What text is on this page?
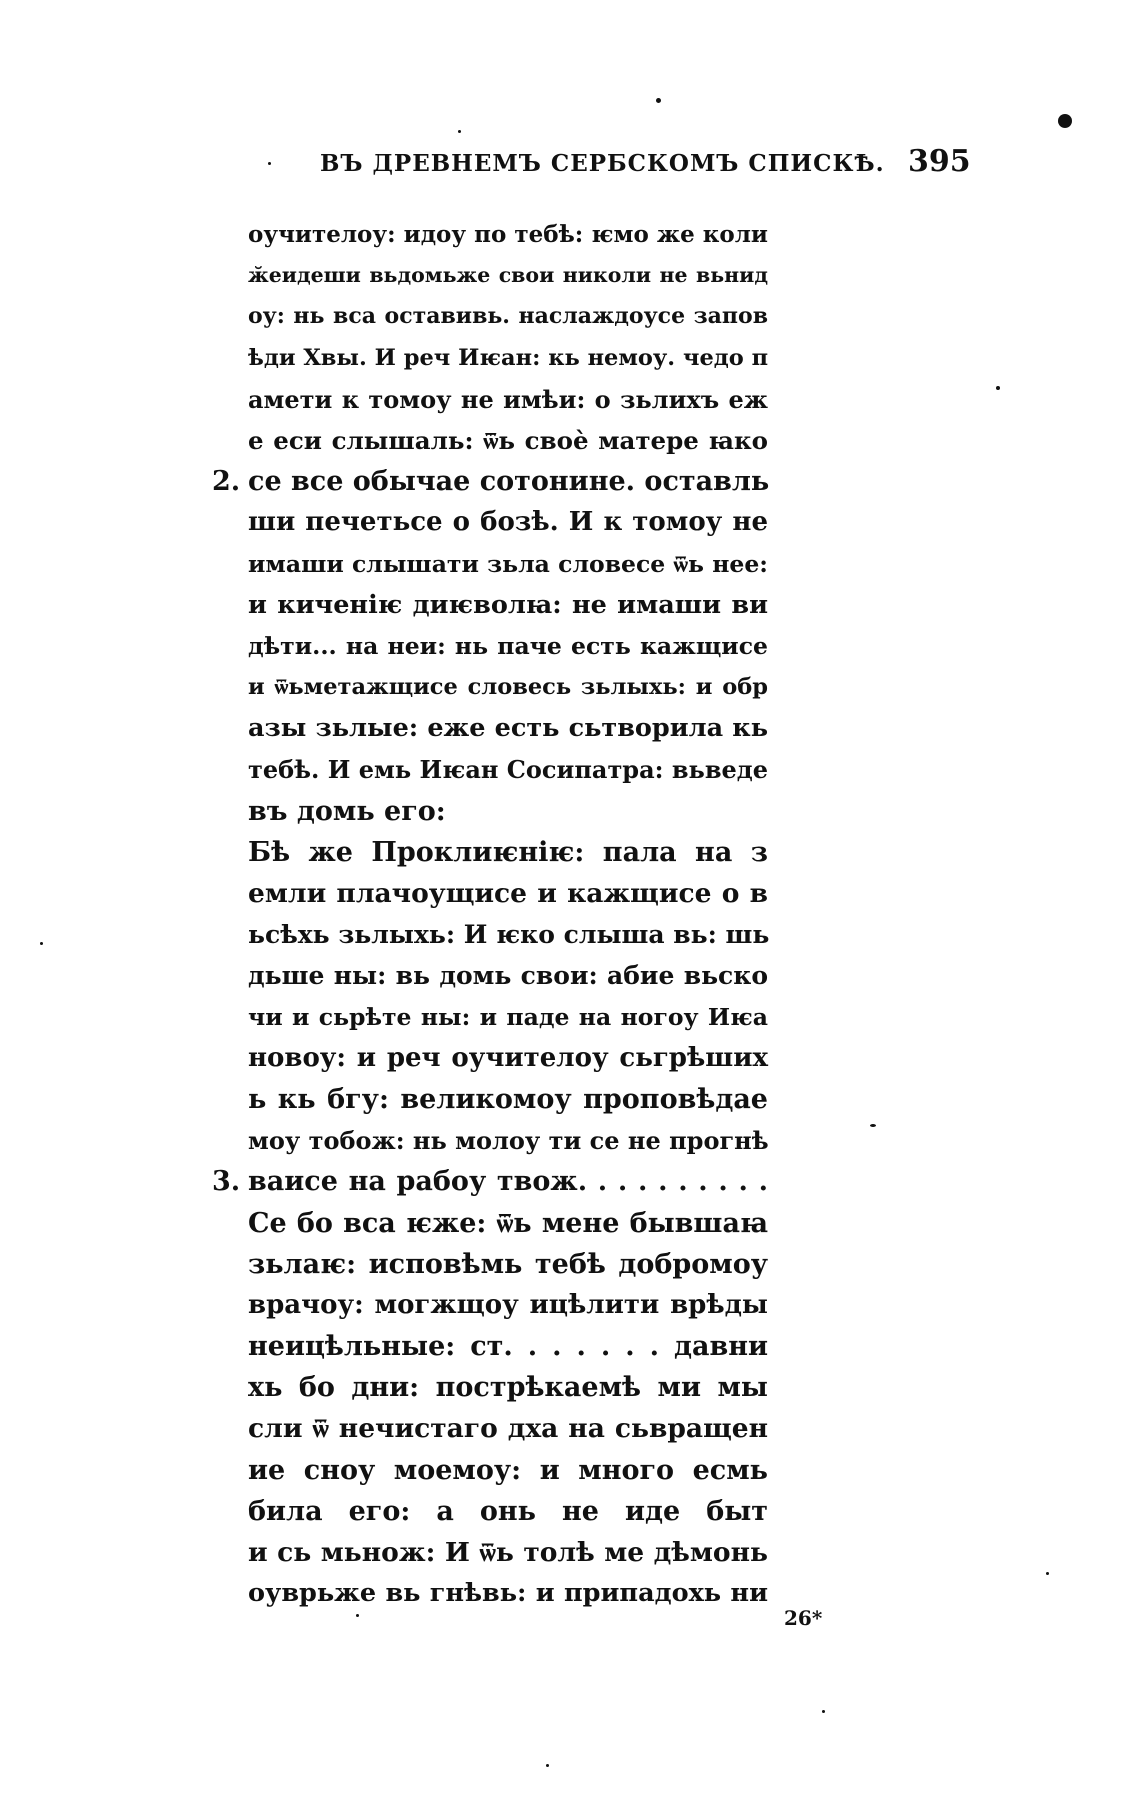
ВЪ ДРЕВНЕМЪ СЕРБСКОМЪ СПИСКѢ. 395
оучителоу: идоу по тебѣ: ѥмо же коли
ӂеидеши вьдомьже свои николи не вьнид
оу: нь вса оставивь. наслаждоусе запов
ѣди Хвы. И реч Иѥан: кь немоу. чедо п
амети к томоу не имѣи: о зьлихъ еж
е еси слышаль: ѿь своѐ матере ꙗко
2. се все обычае сотонине. оставль
ши печетьсе о бозѣ. И к томоу не
имаши слышати зьла словесе ѿь нее:
и киченіѥ диѥволꙗ: не имаши ви
дѣти... на неи: нь паче есть кажщисе
и ѿьметажщисе словесь зьлыхь: и обр
азы зьлые: еже есть сьтворила кь
тебѣ. И емь Иѥан Сосипатра: вьведе
въ домь его:
Бѣ же Проклиѥніѥ: пала на з
емли плачоущисе и кажщисе о в
ьсѣхь зьлыхь: И ѥко слыша вь: шь
дьше ны: вь домь свои: абие вьско
чи и сьрѣте ны: и паде на ногоу Иѥа
новоу: и реч оучителоу сьгрѣших
ь кь бгу: великомоу проповѣдае
моу тобож: нь молоу ти се не прогнѣ
3. ваисе на рабоу твож. . . . . . . . . .
Се бо вса ѥже: ѿь мене бывшаꙗ
зьлаѥ: исповѣмь тебѣ добромоу
врачоу: могжщоу ицѣлити врѣды
неицѣльные: ст. . . . . . . давни
хь бо дни: пострѣкаемѣ ми мы
сли ѿ нечистаго дха на сьвращен
ие сноу моемоу: и много есмь
била его: а онь не иде быт
и сь мьнож: И ѿь толѣ ме дѣмонь
оуврьже вь гнѣвь: и припадохь ни
26*
